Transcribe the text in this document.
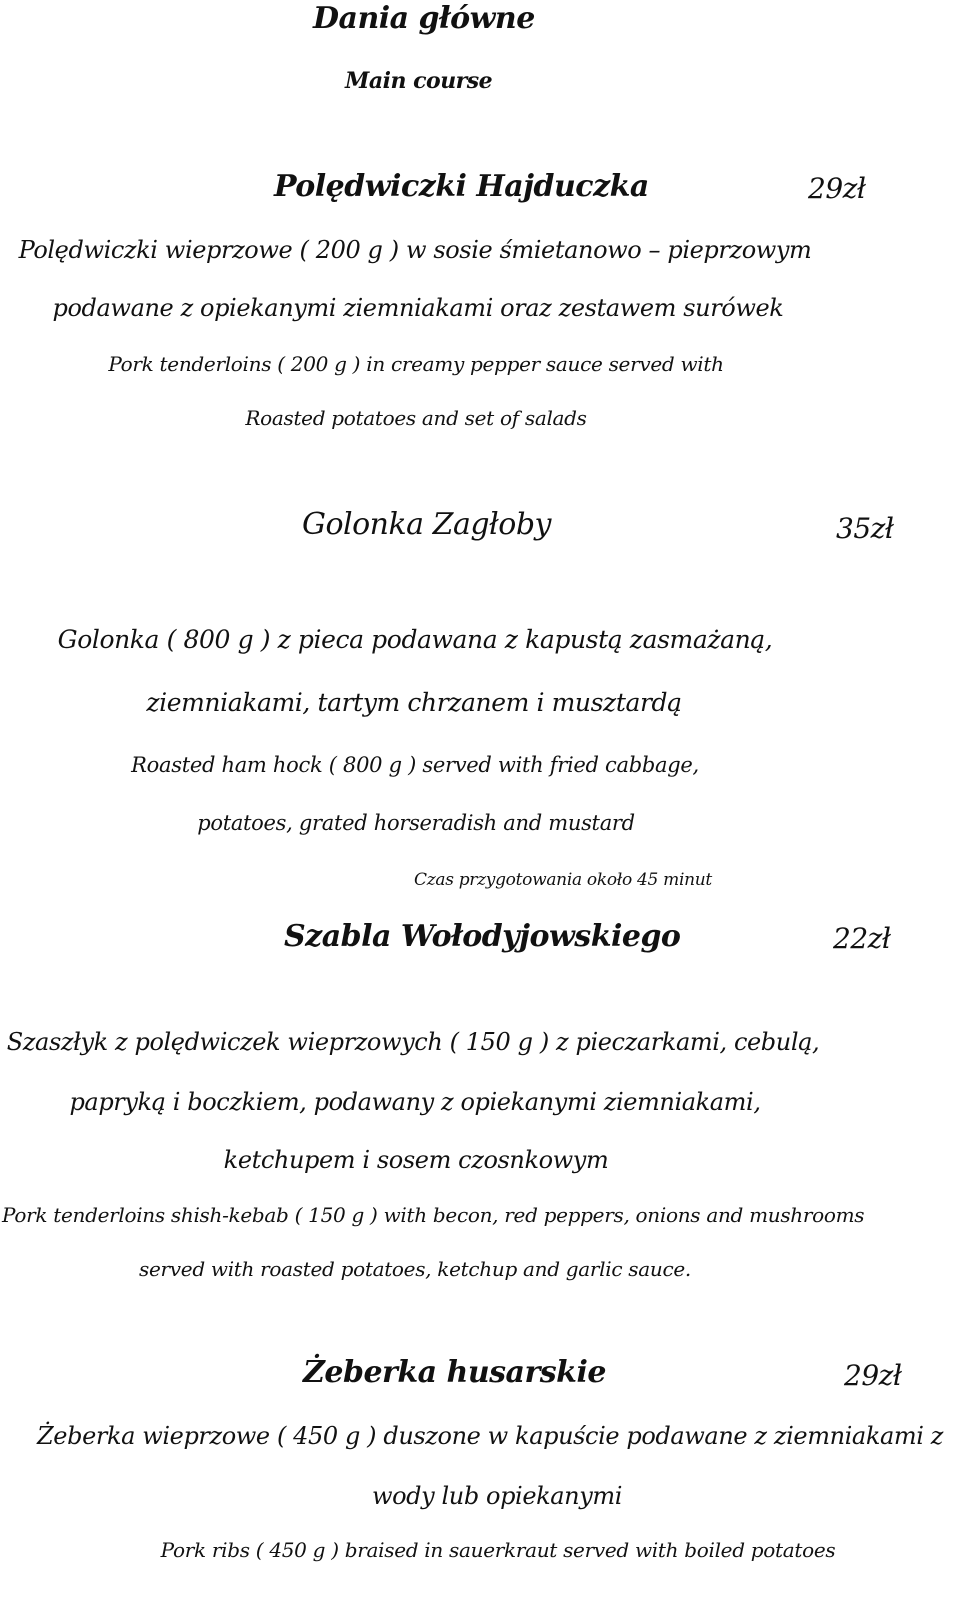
Dania główne
Main course
Polędwiczki Hajduczka	29zł
Polędwiczki wieprzowe ( 200 g ) w sosie śmietanowo – pieprzowym
podawane z opiekanymi ziemniakami oraz zestawem surówek
Pork tenderloins ( 200 g ) in creamy pepper sauce served with
Roasted potatoes and set of salads
Golonka Zagłoby	35zł
Golonka ( 800 g ) z pieca podawana z kapustą zasmażaną,
ziemniakami, tartym chrzanem i musztardą
Roasted ham hock ( 800 g ) served with fried cabbage,
potatoes, grated horseradish and mustard
Czas przygotowania około 45 minut
Szabla Wołodyjowskiego	22zł
Szaszłyk z polędwiczek wieprzowych ( 150 g ) z pieczarkami, cebulą,
papryką i boczkiem, podawany z opiekanymi ziemniakami,
ketchupem i sosem czosnkowym
Pork tenderloins shish-kebab ( 150 g ) with becon, red peppers, onions and mushrooms
served with roasted potatoes, ketchup and garlic sauce.
Żeberka husarskie	29zł
Żeberka wieprzowe ( 450 g ) duszone w kapuście podawane z ziemniakami z
wody lub opiekanymi
Pork ribs ( 450 g ) braised in sauerkraut served with boiled potatoes
